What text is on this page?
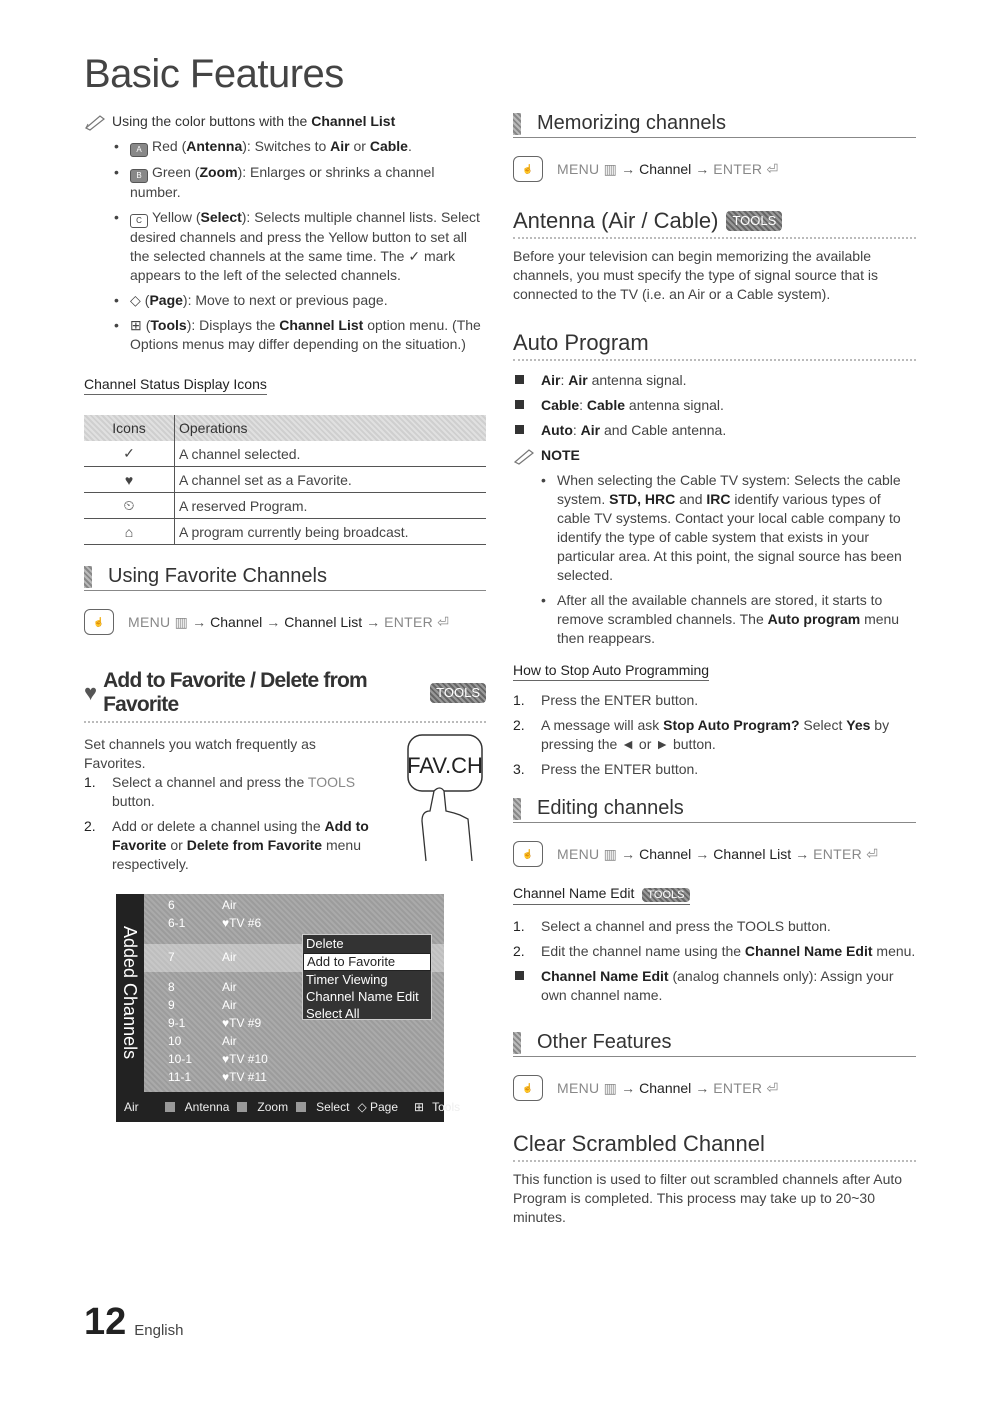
Basic Features
Using the color buttons with the Channel List
• A Red (Antenna): Switches to Air or Cable.
• B Green (Zoom): Enlarges or shrinks a channel number.
• C Yellow (Select): Selects multiple channel lists. Select desired channels and press the Yellow button to set all the selected channels at the same time. The ✓ mark appears to the left of the selected channels.
• ◇ (Page): Move to next or previous page.
• ⊞ (Tools): Displays the Channel List option menu. (The Options menus may differ depending on the situation.)
Channel Status Display Icons
Icons	Operations
✓	A channel selected.
♥	A channel set as a Favorite.
⏲	A reserved Program.
⌂	A program currently being broadcast.
Using Favorite Channels
☝	MENU ▥ → Channel → Channel List → ENTER ⏎
♥ Add to Favorite / Delete from Favorite
TOOLS
FAV.CH

Set channels you watch frequently as Favorites.

1.	Select a channel and press the TOOLS button.
2.	Add or delete a channel using the Add to Favorite or Delete from Favorite menu respectively.
Added Channels
6	Air
6-1	♥TV #6
7	Air
8	Air
9	Air
9-1	♥TV #9
10	Air
10-1 ♥TV #10
11-1	♥TV #11
Delete
Add to Favorite
Timer Viewing
Channel Name Edit
Select All
Air	Antenna	Zoom	Select ◇ Page	⊞ Tools
Memorizing channels
☝	MENU ▥ → Channel → ENTER ⏎
Antenna (Air / Cable)	TOOLS

Before your television can begin memorizing the available channels, you must specify the type of signal source that is connected to the TV (i.e. an Air or a Cable system).

Auto Program
Air: Air antenna signal.
Cable: Cable antenna signal.
Auto: Air and Cable antenna.
NOTE
• When selecting the Cable TV system: Selects the cable system. STD, HRC and IRC identify various types of cable TV systems. Contact your local cable company to identify the type of cable system that exists in your particular area. At this point, the signal source has been selected.
• After all the available channels are stored, it starts to remove scrambled channels. The Auto program menu then reappears.
How to Stop Auto Programming
1.	Press the ENTER button.
2.	A message will ask Stop Auto Program? Select Yes by pressing the ◄ or ► button.
3.	Press the ENTER button.
Editing channels
☝	MENU ▥ → Channel → Channel List → ENTER ⏎
Channel Name Edit TOOLS
1.	Select a channel and press the TOOLS button.
2.	Edit the channel name using the Channel Name Edit menu.
Channel Name Edit (analog channels only): Assign your own channel name.
Other Features
☝	MENU ▥ → Channel → ENTER ⏎
Clear Scrambled Channel

This function is used to filter out scrambled channels after Auto Program is completed. This process may take up to 20~30 minutes.

12 English
